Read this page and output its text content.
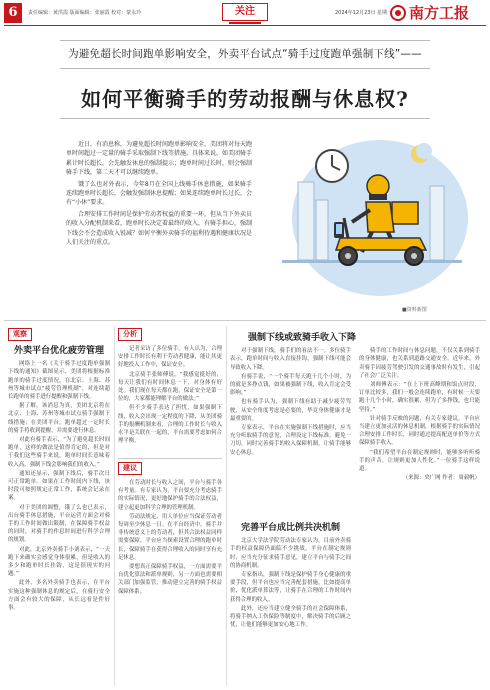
6	责任编辑：黄洪霞 版面编辑：张丽霞 校对：蒙永玲	关注	2024年12月23日 星期一 南方工报
为避免超长时间跑单影响安全，外卖平台试点“骑手过度跑单强制下线”——
如何平衡骑手的劳动报酬与休息权?

近日，有消息称，为避免超长时间跑单影响安全，美团将对每天跑单时间超过一定量的骑手采取强制下线等措施。具体来说，如美团骑手累计时长超长，会先触发休息的强制提示；跑单时间过长时，则会强制骑手下线，第二天才可以继续跑单。

饿了么也对外表示，今年8月在全国上线骑手休息措施，如果骑手连续跑单时长超长，会触发强制休息提醒；如果连续跑单时长过长，会有“小休”要求。

合理安排工作时间是保护劳动者权益的重要一环，但从当下外卖员的收入分配机制来看，跑单时长决定着最终的收入，有骑手担心，强制下线会不会造成收入锐减？如何平衡外卖骑手的福利待遇和健康状况是人们关注的重点。

■资料新图
观察
外卖平台优化疲劳管理

网络上一名《关于骑手过度跑单强制下线的通知》截图显示，美团将根据标准跑单的骑手过度情况，在北京、上海、苏州等城市试点“疲劳管理机制”，对连续超长跑单的骑手进行提醒和强制下线。

据了解，该消息为真，美团北京将在北京、上海、苏州等城市试点骑手强制下线措施；在美团平台，跑单超过一定时长的骑手将收到提醒，并需要进行休息。

对此有骑手表示，“为了避免超长时间跑单，这样的做法是值得肯定的，但是对于我们这些骑手来说，跑单时间长意味着收入高，强制下线会影响我们的收入。”

通知还显示，强制下线后，骑手次日可正常跑单。如果在工作时间内下线，该时段可按照规定正常工作，系统会记录在案。

对于美团的调整，饿了么也已表示，出台骑手休息措施，平台运营方面会对骑手的工作时间做出限制，在保障骑手权益的同时，对骑手的作息时间进行科学合理的规划。

对此，北京外卖骑手小刘表示，“一天跑下来确实会感觉身体很累，但是收入的多少和跑单时长挂钩，这是很现实的问题。”

此外，多名外卖骑手也表示，在平台实施这种强制休息的规定后，在骑行安全方面会有较大的保障，从长远看是件好事。

分析

记者采访了多位骑手，有人认为，合理安排工作时长有利于劳动者健康，能让其更好地投入工作中，保证安全。

北京骑手张师傅说，“我感觉挺好的，每天让我们有时间休息一下，对身体有好处。我们现在每天都在跑，保证安全是第一位的，大家都能理解平台的做法。”

但不少骑手表达了担忧，如果强制下线，收入会出现一定程度的下降，从美团骑手的报酬机制来看，合理的工作时长与收入水平是关联在一起的，平台需要考虑如何合理平衡。

建议

在劳动时长与收入之间，平台与骑手各有考量。有专家认为，平台要充分考虑骑手的实际情况，更好地保护骑手的合法权益，建立起更加科学合理的管理机制。

劳动法规定，用人单位应当保证劳动者每周至少休息一日。在平台经济中，骑手并非传统意义上的劳动者，但其合法权益同样需要保障。平台应当探索设置合理的跑单时长，保障骑手在获得合理收入的同时享有充足休息。

要想真正保障骑手权益，一方面需要平台优化算法和派单规则，另一方面也需要相关部门加强监管，推动建立完善的骑手权益保障体系。

强制下线或致骑手收入下降

对于强制下线，骑手们的看法不一。多位骑手表示，跑单时间与收入直接挂钩，强制下线可能会导致收入下降。

有骑手说，“一个骑手每天跑十几个小时，为的就是多挣点钱，如果被强制下线，收入肯定会受影响。”

也有骑手认为，强制下线有助于减少疲劳驾驶，从安全角度考虑是必要的，毕竟身体健康才是最重要的。

专家表示，平台在实施强制下线措施时，应当充分听取骑手的意见，合理设定下线标准，避免一刀切，同时完善骑手的收入保障机制，让骑手能够安心休息。

骑手的工作时间与休息问题，不仅关系到骑手的身体健康，也关系到道路交通安全。近年来，外卖骑手因疲劳驾驶引发的交通事故时有发生，引起了社会广泛关注。

刘师傅表示：“在上下班高峰期和饭点时段，订单比较多，我们一般会连续跑单，有时候一天要跑十几个小时，确实很累，但为了多挣钱，也只能坚持。”

针对骑手反映的问题，有关专家建议，平台应当建立更加灵活的休息机制，根据骑手的实际情况合理安排工作时长，同时通过提高配送单价等方式保障骑手收入。

“我们希望平台在制定规则时，能够多听听骑手的声音，让规则更加人性化。”一位骑手这样说道。

（来源：央广网 作者：周毅帆）

完善平台成比例共决机制

北京大学法学院劳动法专家认为，目前外卖骑手的权益保障仍面临不少挑战，平台在制定规则时，应当充分征求骑手意见，建立平台与骑手之间的协商机制。

专家指出，强制下线是保护骑手身心健康的重要手段，但平台也应当完善配套措施，比如提高单价、优化派单算法等，让骑手在合理的工作时间内获得合理的收入。

此外，还应当建立健全骑手的社会保障体系，将骑手纳入工伤保险等制度中，解决骑手的后顾之忧，让他们能够更加安心地工作。
